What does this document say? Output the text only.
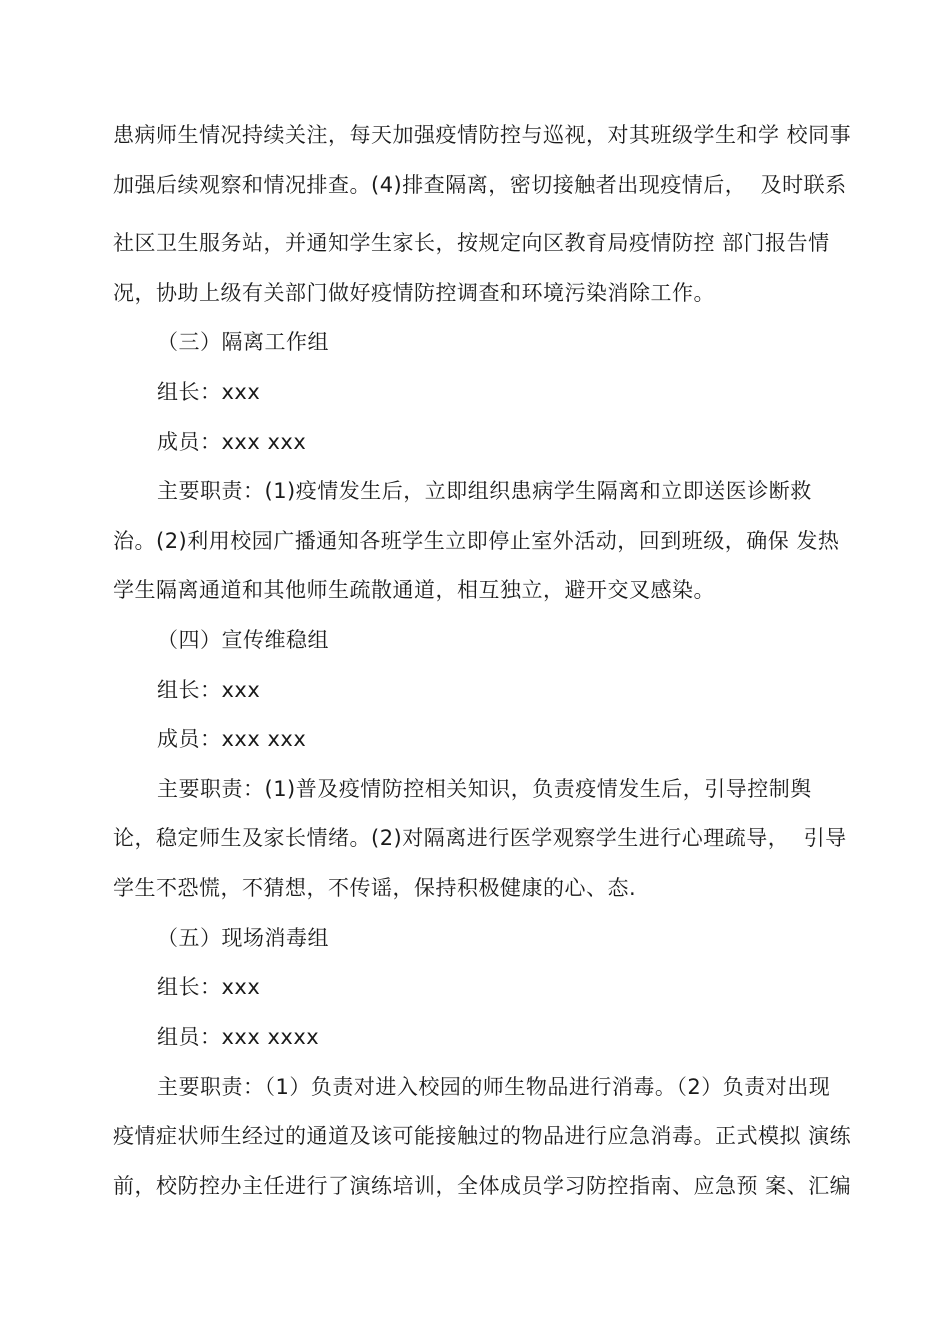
患病师生情况持续关注，每天加强疫情防控与巡视，对其班级学生和学 校同事
加强后续观察和情况排查。(4)排查隔离，密切接触者出现疫情后，  及时联系
社区卫生服务站，并通知学生家长，按规定向区教育局疫情防控 部门报告情
况，协助上级有关部门做好疫情防控调查和环境污染消除工作。
（三）隔离工作组
组长：xxx
成员：xxx xxx
主要职责：(1)疫情发生后，立即组织患病学生隔离和立即送医诊断救
治。(2)利用校园广播通知各班学生立即停止室外活动，回到班级，确保 发热
学生隔离通道和其他师生疏散通道，相互独立，避开交叉感染。
（四）宣传维稳组
组长：xxx
成员：xxx xxx
主要职责：(1)普及疫情防控相关知识，负责疫情发生后，引导控制舆
论，稳定师生及家长情绪。(2)对隔离进行医学观察学生进行心理疏导，  引导
学生不恐慌，不猜想，不传谣，保持积极健康的心、态.
（五）现场消毒组
组长：xxx
组员：xxx xxxx
主要职责：（1）负责对进入校园的师生物品进行消毒。（2）负责对出现
疫情症状师生经过的通道及该可能接触过的物品进行应急消毒。正式模拟 演练
前，校防控办主任进行了演练培训，全体成员学习防控指南、应急预 案、汇编
